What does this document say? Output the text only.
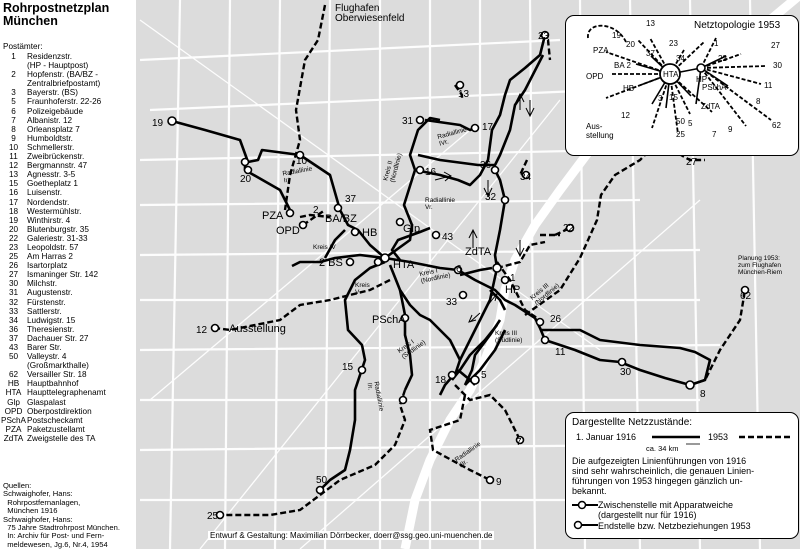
19
20
37
2
BA/BZ
PZA
OPD	HB
2 BS	HTA
Glp
43
ZdTA
6
33
HP
1
12
PSchA
15
18	5
7
9
50
25
26
11
30
8
62
22
27
23
36
34
32
31
17
13
16
10
Flughafen
Oberwiesenfeld
Ausstellung
Planung 1953:
zum Flughafen
München-Riem
Radiallinie
Ir.
Radiallinie
IVr.
Radiallinie
Vr.
Radiallinie
IIr.
Radiallinie
IIIr.
Kreis II
(Nordlinie)
Kreis I
(Nordlinie)
Kreis III
(Nordlinie)
Kreis III
(Südlinie)
Kreis I
(Südlinie)
Kreis IV
Kreis
V
Entwurf & Gestaltung: Maximilian Dörrbecker, doerr@ssg.geo.uni-muenchen.de
Rohrpostnetzplan
München
Postämter:
1	Residenzstr.
(HP - Hauptpost)
2	Hopfenstr. (BA/BZ -
Zentralbriefpostamt)
3	Bayerstr. (BS)
5	Fraunhoferstr. 22-26
6	Polizeigebäude
7	Albanistr. 12
8	Orleansplatz 7
9	Humboldtstr.
10	Schmellerstr.
11	Zweibrückenstr.
12	Bergmannstr. 47
13	Agnesstr. 3-5
15	Goetheplatz 1
16	Luisenstr.
17	Nordendstr.
18	Westermühlstr.
19	Winthirstr. 4
20	Blutenburgstr. 35
22	Galeriestr. 31-33
23	Leopoldstr. 57
25	Am Harras 2
26	Isartorplatz
27	Ismaninger Str. 142
30	Milchstr.
31	Augustenstr.
32	Fürstenstr.
33	Sattlerstr.
34	Ludwigstr. 15
36	Theresienstr.
37	Dachauer Str. 27
43	Barer Str.
50	Valleystr. 4
(Großmarkthalle)
62	Versailler Str. 18
HB Hauptbahnhof
HTA Haupttelegraphenamt
Glp Glaspalast
OPD Oberpostdirektion
PSchA Postscheckamt
PZA Paketzustellamt
ZdTA Zweigstelle des TA
Quellen:
Schwaighofer, Hans:
Rohrpostfernanlagen,
München 1916
Schwaighofer, Hans:
75 Jahre Stadtrohrpost München.
In: Archiv für Post- und Fern-
meldewesen, Jg.6, Nr.4, 1954
Netztopologie 1953
HTA
HP
PZA
OPD
BA 2
HB	PSchA
ZdTA
19
20
13
37
23
34
1
22
27
30
11
8
62
12
3 15
50
25
5
7
9
Aus-
stellung
Dargestellte Netzzustände:
1. Januar 1916	1953
ca. 34 km
Die aufgezeigten Linienführungen von 1916
sind sehr wahrscheinlich, die genauen Linien-
führungen von 1953 hingegen gänzlich un-
bekannt.
Zwischenstelle mit Apparatweiche
(dargestellt nur für 1916)
Endstelle bzw. Netzbeziehungen 1953
